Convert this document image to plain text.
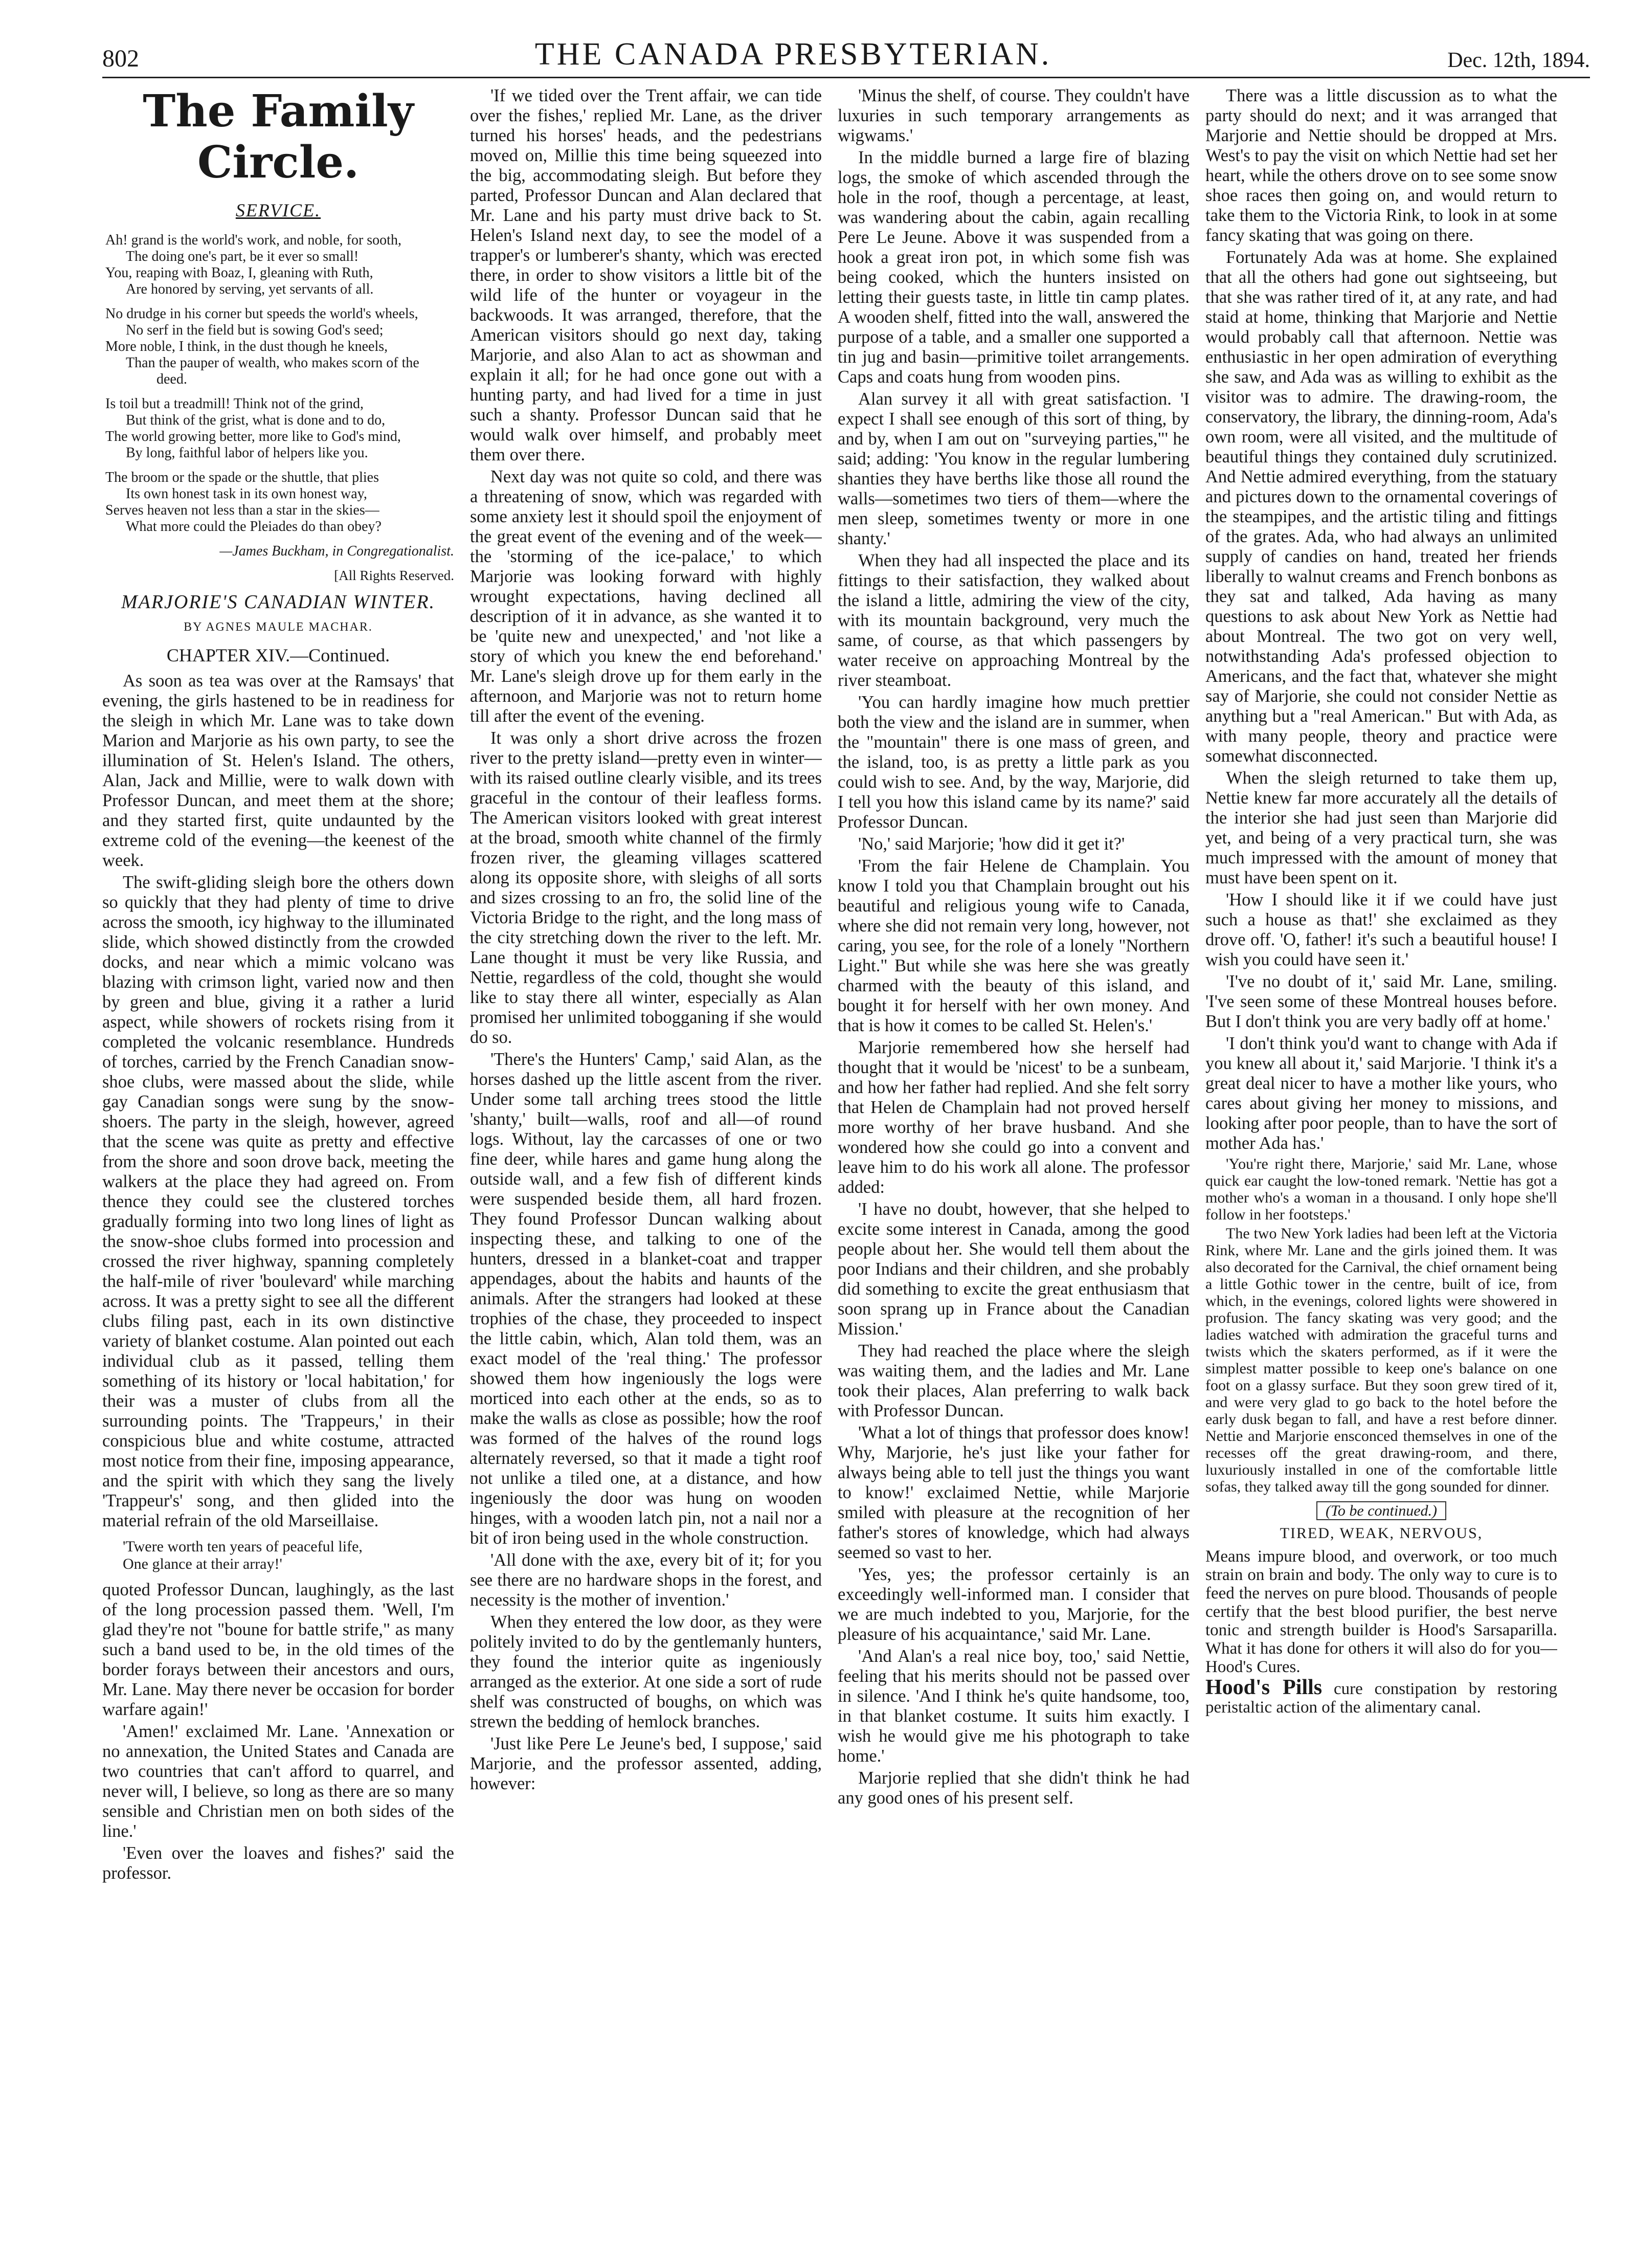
802	THE CANADA PRESBYTERIAN.	Dec. 12th, 1894.
The Family Circle.
SERVICE.
Ah! grand is the world's work, and noble, for sooth,
The doing one's part, be it ever so small!
You, reaping with Boaz, I, gleaning with Ruth,
Are honored by serving, yet servants of all.
No drudge in his corner but speeds the world's wheels,
No serf in the field but is sowing God's seed;
More noble, I think, in the dust though he kneels,
Than the pauper of wealth, who makes scorn of the deed.
Is toil but a treadmill! Think not of the grind,
But think of the grist, what is done and to do,
The world growing better, more like to God's mind,
By long, faithful labor of helpers like you.
The broom or the spade or the shuttle, that plies
Its own honest task in its own honest way,
Serves heaven not less than a star in the skies—
What more could the Pleiades do than obey?
—James Buckham, in Congregationalist.
[All Rights Reserved.
MARJORIE'S CANADIAN WINTER.
BY AGNES MAULE MACHAR.
CHAPTER XIV.—Continued.

As soon as tea was over at the Ramsays' that evening, the girls hastened to be in readiness for the sleigh in which Mr. Lane was to take down Marion and Marjorie as his own party, to see the illumination of St. Helen's Island. The others, Alan, Jack and Millie, were to walk down with Professor Duncan, and meet them at the shore; and they started first, quite undaunted by the extreme cold of the evening—the keenest of the week.

The swift-gliding sleigh bore the others down so quickly that they had plenty of time to drive across the smooth, icy highway to the illuminated slide, which showed distinctly from the crowded docks, and near which a mimic volcano was blazing with crimson light, varied now and then by green and blue, giving it a rather a lurid aspect, while showers of rockets rising from it completed the volcanic resemblance. Hundreds of torches, carried by the French Canadian snow-shoe clubs, were massed about the slide, while gay Canadian songs were sung by the snow-shoers. The party in the sleigh, however, agreed that the scene was quite as pretty and effective from the shore and soon drove back, meeting the walkers at the place they had agreed on. From thence they could see the clustered torches gradually forming into two long lines of light as the snow-shoe clubs formed into procession and crossed the river highway, spanning completely the half-mile of river 'boulevard' while marching across. It was a pretty sight to see all the different clubs filing past, each in its own distinctive variety of blanket costume. Alan pointed out each individual club as it passed, telling them something of its history or 'local habitation,' for their was a muster of clubs from all the surrounding points. The 'Trappeurs,' in their conspicious blue and white costume, attracted most notice from their fine, imposing appearance, and the spirit with which they sang the lively 'Trappeur's' song, and then glided into the material refrain of the old Marseillaise.

'Twere worth ten years of peaceful life,
One glance at their array!'

quoted Professor Duncan, laughingly, as the last of the long procession passed them. 'Well, I'm glad they're not "boune for battle strife," as many such a band used to be, in the old times of the border forays between their ancestors and ours, Mr. Lane. May there never be occasion for border warfare again!'

'Amen!' exclaimed Mr. Lane. 'Annexation or no annexation, the United States and Canada are two countries that can't afford to quarrel, and never will, I believe, so long as there are so many sensible and Christian men on both sides of the line.'

'Even over the loaves and fishes?' said the professor.

'If we tided over the Trent affair, we can tide over the fishes,' replied Mr. Lane, as the driver turned his horses' heads, and the pedestrians moved on, Millie this time being squeezed into the big, accommodating sleigh. But before they parted, Professor Duncan and Alan declared that Mr. Lane and his party must drive back to St. Helen's Island next day, to see the model of a trapper's or lumberer's shanty, which was erected there, in order to show visitors a little bit of the wild life of the hunter or voyageur in the backwoods. It was arranged, therefore, that the American visitors should go next day, taking Marjorie, and also Alan to act as showman and explain it all; for he had once gone out with a hunting party, and had lived for a time in just such a shanty. Professor Duncan said that he would walk over himself, and probably meet them over there.

Next day was not quite so cold, and there was a threatening of snow, which was regarded with some anxiety lest it should spoil the enjoyment of the great event of the evening and of the week—the 'storming of the ice-palace,' to which Marjorie was looking forward with highly wrought expectations, having declined all description of it in advance, as she wanted it to be 'quite new and unexpected,' and 'not like a story of which you knew the end beforehand.' Mr. Lane's sleigh drove up for them early in the afternoon, and Marjorie was not to return home till after the event of the evening.

It was only a short drive across the frozen river to the pretty island—pretty even in winter—with its raised outline clearly visible, and its trees graceful in the contour of their leafless forms. The American visitors looked with great interest at the broad, smooth white channel of the firmly frozen river, the gleaming villages scattered along its opposite shore, with sleighs of all sorts and sizes crossing to an fro, the solid line of the Victoria Bridge to the right, and the long mass of the city stretching down the river to the left. Mr. Lane thought it must be very like Russia, and Nettie, regardless of the cold, thought she would like to stay there all winter, especially as Alan promised her unlimited tobogganing if she would do so.

'There's the Hunters' Camp,' said Alan, as the horses dashed up the little ascent from the river. Under some tall arching trees stood the little 'shanty,' built—walls, roof and all—of round logs. Without, lay the carcasses of one or two fine deer, while hares and game hung along the outside wall, and a few fish of different kinds were suspended beside them, all hard frozen. They found Professor Duncan walking about inspecting these, and talking to one of the hunters, dressed in a blanket-coat and trapper appendages, about the habits and haunts of the animals. After the strangers had looked at these trophies of the chase, they proceeded to inspect the little cabin, which, Alan told them, was an exact model of the 'real thing.' The professor showed them how ingeniously the logs were morticed into each other at the ends, so as to make the walls as close as possible; how the roof was formed of the halves of the round logs alternately reversed, so that it made a tight roof not unlike a tiled one, at a distance, and how ingeniously the door was hung on wooden hinges, with a wooden latch pin, not a nail nor a bit of iron being used in the whole construction.

'All done with the axe, every bit of it; for you see there are no hardware shops in the forest, and necessity is the mother of invention.'

When they entered the low door, as they were politely invited to do by the gentlemanly hunters, they found the interior quite as ingeniously arranged as the exterior. At one side a sort of rude shelf was constructed of boughs, on which was strewn the bedding of hemlock branches.

'Just like Pere Le Jeune's bed, I suppose,' said Marjorie, and the professor assented, adding, however:

'Minus the shelf, of course. They couldn't have luxuries in such temporary arrangements as wigwams.'

In the middle burned a large fire of blazing logs, the smoke of which ascended through the hole in the roof, though a percentage, at least, was wandering about the cabin, again recalling Pere Le Jeune. Above it was suspended from a hook a great iron pot, in which some fish was being cooked, which the hunters insisted on letting their guests taste, in little tin camp plates. A wooden shelf, fitted into the wall, answered the purpose of a table, and a smaller one supported a tin jug and basin—primitive toilet arrangements. Caps and coats hung from wooden pins.

Alan survey it all with great satisfaction. 'I expect I shall see enough of this sort of thing, by and by, when I am out on "surveying parties,"' he said; adding: 'You know in the regular lumbering shanties they have berths like those all round the walls—sometimes two tiers of them—where the men sleep, sometimes twenty or more in one shanty.'

When they had all inspected the place and its fittings to their satisfaction, they walked about the island a little, admiring the view of the city, with its mountain background, very much the same, of course, as that which passengers by water receive on approaching Montreal by the river steamboat.

'You can hardly imagine how much prettier both the view and the island are in summer, when the "mountain" there is one mass of green, and the island, too, is as pretty a little park as you could wish to see. And, by the way, Marjorie, did I tell you how this island came by its name?' said Professor Duncan.

'No,' said Marjorie; 'how did it get it?'

'From the fair Helene de Champlain. You know I told you that Champlain brought out his beautiful and religious young wife to Canada, where she did not remain very long, however, not caring, you see, for the role of a lonely "Northern Light." But while she was here she was greatly charmed with the beauty of this island, and bought it for herself with her own money. And that is how it comes to be called St. Helen's.'

Marjorie remembered how she herself had thought that it would be 'nicest' to be a sunbeam, and how her father had replied. And she felt sorry that Helen de Champlain had not proved herself more worthy of her brave husband. And she wondered how she could go into a convent and leave him to do his work all alone. The professor added:

'I have no doubt, however, that she helped to excite some interest in Canada, among the good people about her. She would tell them about the poor Indians and their children, and she probably did something to excite the great enthusiasm that soon sprang up in France about the Canadian Mission.'

They had reached the place where the sleigh was waiting them, and the ladies and Mr. Lane took their places, Alan preferring to walk back with Professor Duncan.

'What a lot of things that professor does know! Why, Marjorie, he's just like your father for always being able to tell just the things you want to know!' exclaimed Nettie, while Marjorie smiled with pleasure at the recognition of her father's stores of knowledge, which had always seemed so vast to her.

'Yes, yes; the professor certainly is an exceedingly well-informed man. I consider that we are much indebted to you, Marjorie, for the pleasure of his acquaintance,' said Mr. Lane.

'And Alan's a real nice boy, too,' said Nettie, feeling that his merits should not be passed over in silence. 'And I think he's quite handsome, too, in that blanket costume. It suits him exactly. I wish he would give me his photograph to take home.'

Marjorie replied that she didn't think he had any good ones of his present self.

There was a little discussion as to what the party should do next; and it was arranged that Marjorie and Nettie should be dropped at Mrs. West's to pay the visit on which Nettie had set her heart, while the others drove on to see some snow shoe races then going on, and would return to take them to the Victoria Rink, to look in at some fancy skating that was going on there.

Fortunately Ada was at home. She explained that all the others had gone out sightseeing, but that she was rather tired of it, at any rate, and had staid at home, thinking that Marjorie and Nettie would probably call that afternoon. Nettie was enthusiastic in her open admiration of everything she saw, and Ada was as willing to exhibit as the visitor was to admire. The drawing-room, the conservatory, the library, the dinning-room, Ada's own room, were all visited, and the multitude of beautiful things they contained duly scrutinized. And Nettie admired everything, from the statuary and pictures down to the ornamental coverings of the steampipes, and the artistic tiling and fittings of the grates. Ada, who had always an unlimited supply of candies on hand, treated her friends liberally to walnut creams and French bonbons as they sat and talked, Ada having as many questions to ask about New York as Nettie had about Montreal. The two got on very well, notwithstanding Ada's professed objection to Americans, and the fact that, whatever she might say of Marjorie, she could not consider Nettie as anything but a "real American." But with Ada, as with many people, theory and practice were somewhat disconnected.

When the sleigh returned to take them up, Nettie knew far more accurately all the details of the interior she had just seen than Marjorie did yet, and being of a very practical turn, she was much impressed with the amount of money that must have been spent on it.

'How I should like it if we could have just such a house as that!' she exclaimed as they drove off. 'O, father! it's such a beautiful house! I wish you could have seen it.'

'I've no doubt of it,' said Mr. Lane, smiling. 'I've seen some of these Montreal houses before. But I don't think you are very badly off at home.'

'I don't think you'd want to change with Ada if you knew all about it,' said Marjorie. 'I think it's a great deal nicer to have a mother like yours, who cares about giving her money to missions, and looking after poor people, than to have the sort of mother Ada has.'

'You're right there, Marjorie,' said Mr. Lane, whose quick ear caught the low-toned remark. 'Nettie has got a mother who's a woman in a thousand. I only hope she'll follow in her footsteps.'

The two New York ladies had been left at the Victoria Rink, where Mr. Lane and the girls joined them. It was also decorated for the Carnival, the chief ornament being a little Gothic tower in the centre, built of ice, from which, in the evenings, colored lights were showered in profusion. The fancy skating was very good; and the ladies watched with admiration the graceful turns and twists which the skaters performed, as if it were the simplest matter possible to keep one's balance on one foot on a glassy surface. But they soon grew tired of it, and were very glad to go back to the hotel before the early dusk began to fall, and have a rest before dinner. Nettie and Marjorie ensconced themselves in one of the recesses off the great drawing-room, and there, luxuriously installed in one of the comfortable little sofas, they talked away till the gong sounded for dinner.

(To be continued.)
TIRED, WEAK, NERVOUS,

Means impure blood, and overwork, or too much strain on brain and body. The only way to cure is to feed the nerves on pure blood. Thousands of people certify that the best blood purifier, the best nerve tonic and strength builder is Hood's Sarsaparilla. What it has done for others it will also do for you—Hood's Cures.

Hood's Pills cure constipation by restoring peristaltic action of the alimentary canal.
